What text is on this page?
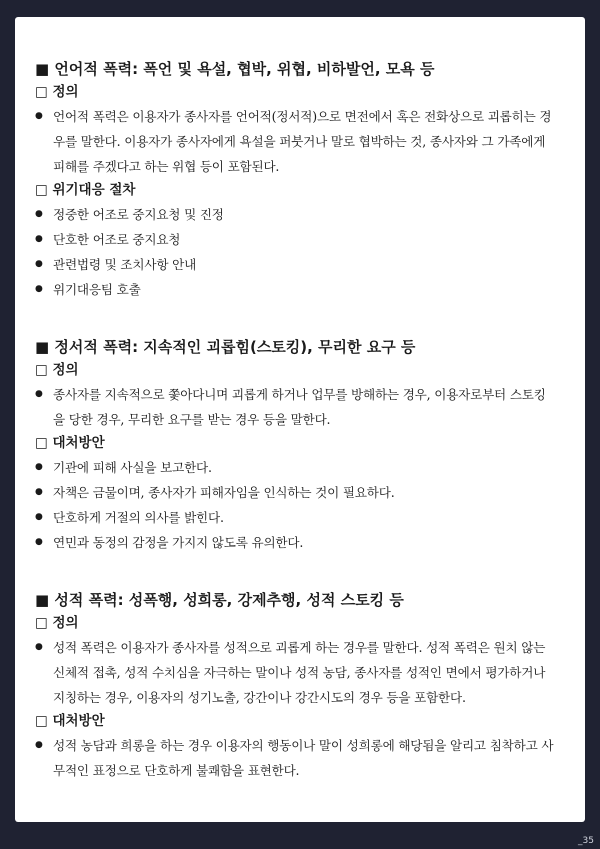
■ 언어적 폭력: 폭언 및 욕설, 협박, 위협, 비하발언, 모욕 등
□ 정의
● 언어적 폭력은 이용자가 종사자를 언어적(정서적)으로 면전에서 혹은 전화상으로 괴롭히는 경우를 말한다. 이용자가 종사자에게 욕설을 퍼붓거나 말로 협박하는 것, 종사자와 그 가족에게 피해를 주겠다고 하는 위협 등이 포함된다.
□ 위기대응 절차
● 정중한 어조로 중지요청 및 진정
● 단호한 어조로 중지요청
● 관련법령 및 조치사항 안내
● 위기대응팀 호출
■ 정서적 폭력: 지속적인 괴롭힘(스토킹), 무리한 요구 등
□ 정의
● 종사자를 지속적으로 쫓아다니며 괴롭게 하거나 업무를 방해하는 경우, 이용자로부터 스토킹을 당한 경우, 무리한 요구를 받는 경우 등을 말한다.
□ 대처방안
● 기관에 피해 사실을 보고한다.
● 자책은 금물이며, 종사자가 피해자임을 인식하는 것이 필요하다.
● 단호하게 거절의 의사를 밝힌다.
● 연민과 동정의 감정을 가지지 않도록 유의한다.
■ 성적 폭력: 성폭행, 성희롱, 강제추행, 성적 스토킹 등
□ 정의
● 성적 폭력은 이용자가 종사자를 성적으로 괴롭게 하는 경우를 말한다. 성적 폭력은 원치 않는 신체적 접촉, 성적 수치심을 자극하는 말이나 성적 농담, 종사자를 성적인 면에서 평가하거나 지칭하는 경우, 이용자의 성기노출, 강간이나 강간시도의 경우 등을 포함한다.
□ 대처방안
● 성적 농담과 희롱을 하는 경우 이용자의 행동이나 말이 성희롱에 해당됨을 알리고 침착하고 사무적인 표정으로 단호하게 불쾌함을 표현한다.
_35
